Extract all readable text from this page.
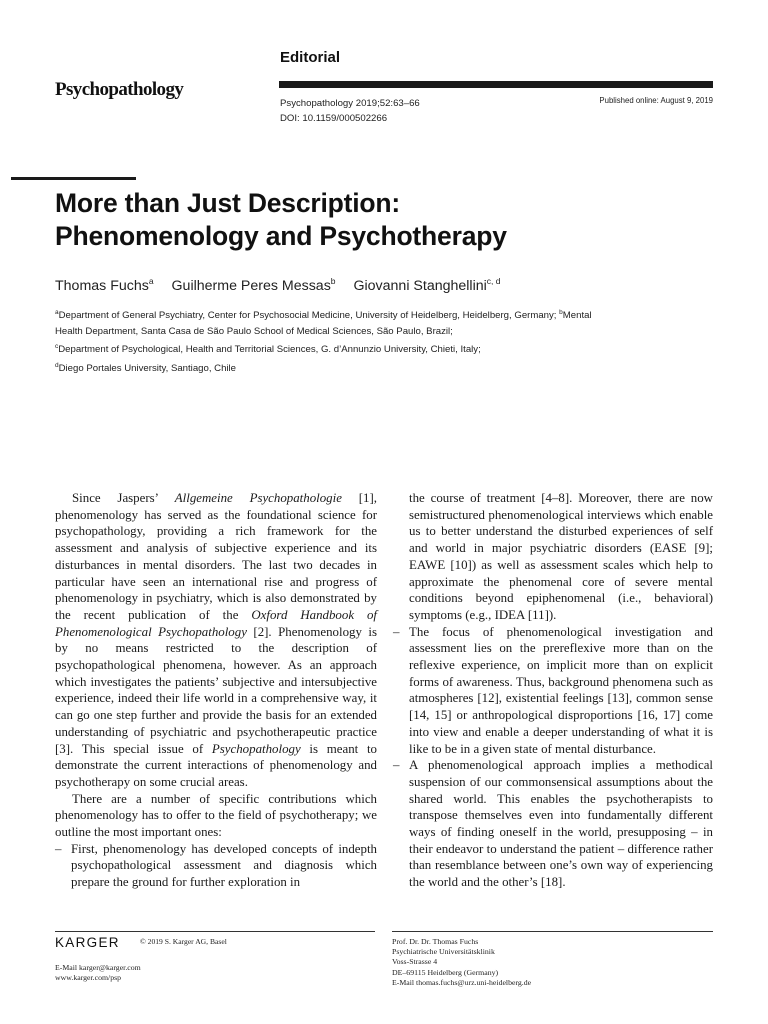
Editorial
Psychopathology
Psychopathology 2019;52:63–66
DOI: 10.1159/000502266
Published online: August 9, 2019
More than Just Description:
Phenomenology and Psychotherapy
Thomas Fuchs$^a$ Guilherme Peres Messas$^b$ Giovanni Stanghellini$^{c, d}$
$^a$Department of General Psychiatry, Center for Psychosocial Medicine, University of Heidelberg, Heidelberg, Germany; $^b$Mental Health Department, Santa Casa de São Paulo School of Medical Sciences, São Paulo, Brazil;
$^c$Department of Psychological, Health and Territorial Sciences, G. d’Annunzio University, Chieti, Italy;
$^d$Diego Portales University, Santiago, Chile

Since Jaspers’ Allgemeine Psychopathologie [1], phenomenology has served as the foundational science for psychopathology, providing a rich framework for the assessment and analysis of subjective experience and its disturbances in mental disorders. The last two decades in particular have seen an international rise and progress of phenomenology in psychiatry, which is also demonstrated by the recent publication of the Oxford Handbook of Phenomenological Psychopathology [2]. Phenomenology is by no means restricted to the description of psychopathological phenomena, however. As an approach which investigates the patients’ subjective and intersubjective experience, indeed their life world in a comprehensive way, it can go one step further and provide the basis for an extended understanding of psychiatric and psychotherapeutic practice [3]. This special issue of Psychopathology is meant to demonstrate the current interactions of phenomenology and psychotherapy on some crucial areas.

There are a number of specific contributions which phenomenology has to offer to the field of psychotherapy; we outline the most important ones:

– First, phenomenology has developed concepts of indepth psychopathological assessment and diagnosis which prepare the ground for further exploration in

the course of treatment [4–8]. Moreover, there are now semistructured phenomenological interviews which enable us to better understand the disturbed experiences of self and world in major psychiatric disorders (EASE [9]; EAWE [10]) as well as assessment scales which help to approximate the phenomenal core of severe mental conditions beyond epiphenomenal (i.e., behavioral) symptoms (e.g., IDEA [11]).

– The focus of phenomenological investigation and assessment lies on the prereflexive more than on the reflexive experience, on implicit more than on explicit forms of awareness. Thus, background phenomena such as atmospheres [12], existential feelings [13], common sense [14, 15] or anthropological disproportions [16, 17] come into view and enable a deeper understanding of what it is like to be in a given state of mental disturbance.

– A phenomenological approach implies a methodical suspension of our commonsensical assumptions about the shared world. This enables the psychotherapists to transpose themselves even into fundamentally different ways of finding oneself in the world, presupposing – in their endeavor to understand the patient – difference rather than resemblance between one’s own way of experiencing the world and the other’s [18].

KARGER	© 2019 S. Karger AG, Basel
E-Mail karger@karger.com
www.karger.com/psp
Prof. Dr. Dr. Thomas Fuchs
Psychiatrische Universitätsklinik
Voss-Strasse 4
DE–69115 Heidelberg (Germany)
E-Mail thomas.fuchs@urz.uni-heidelberg.de
